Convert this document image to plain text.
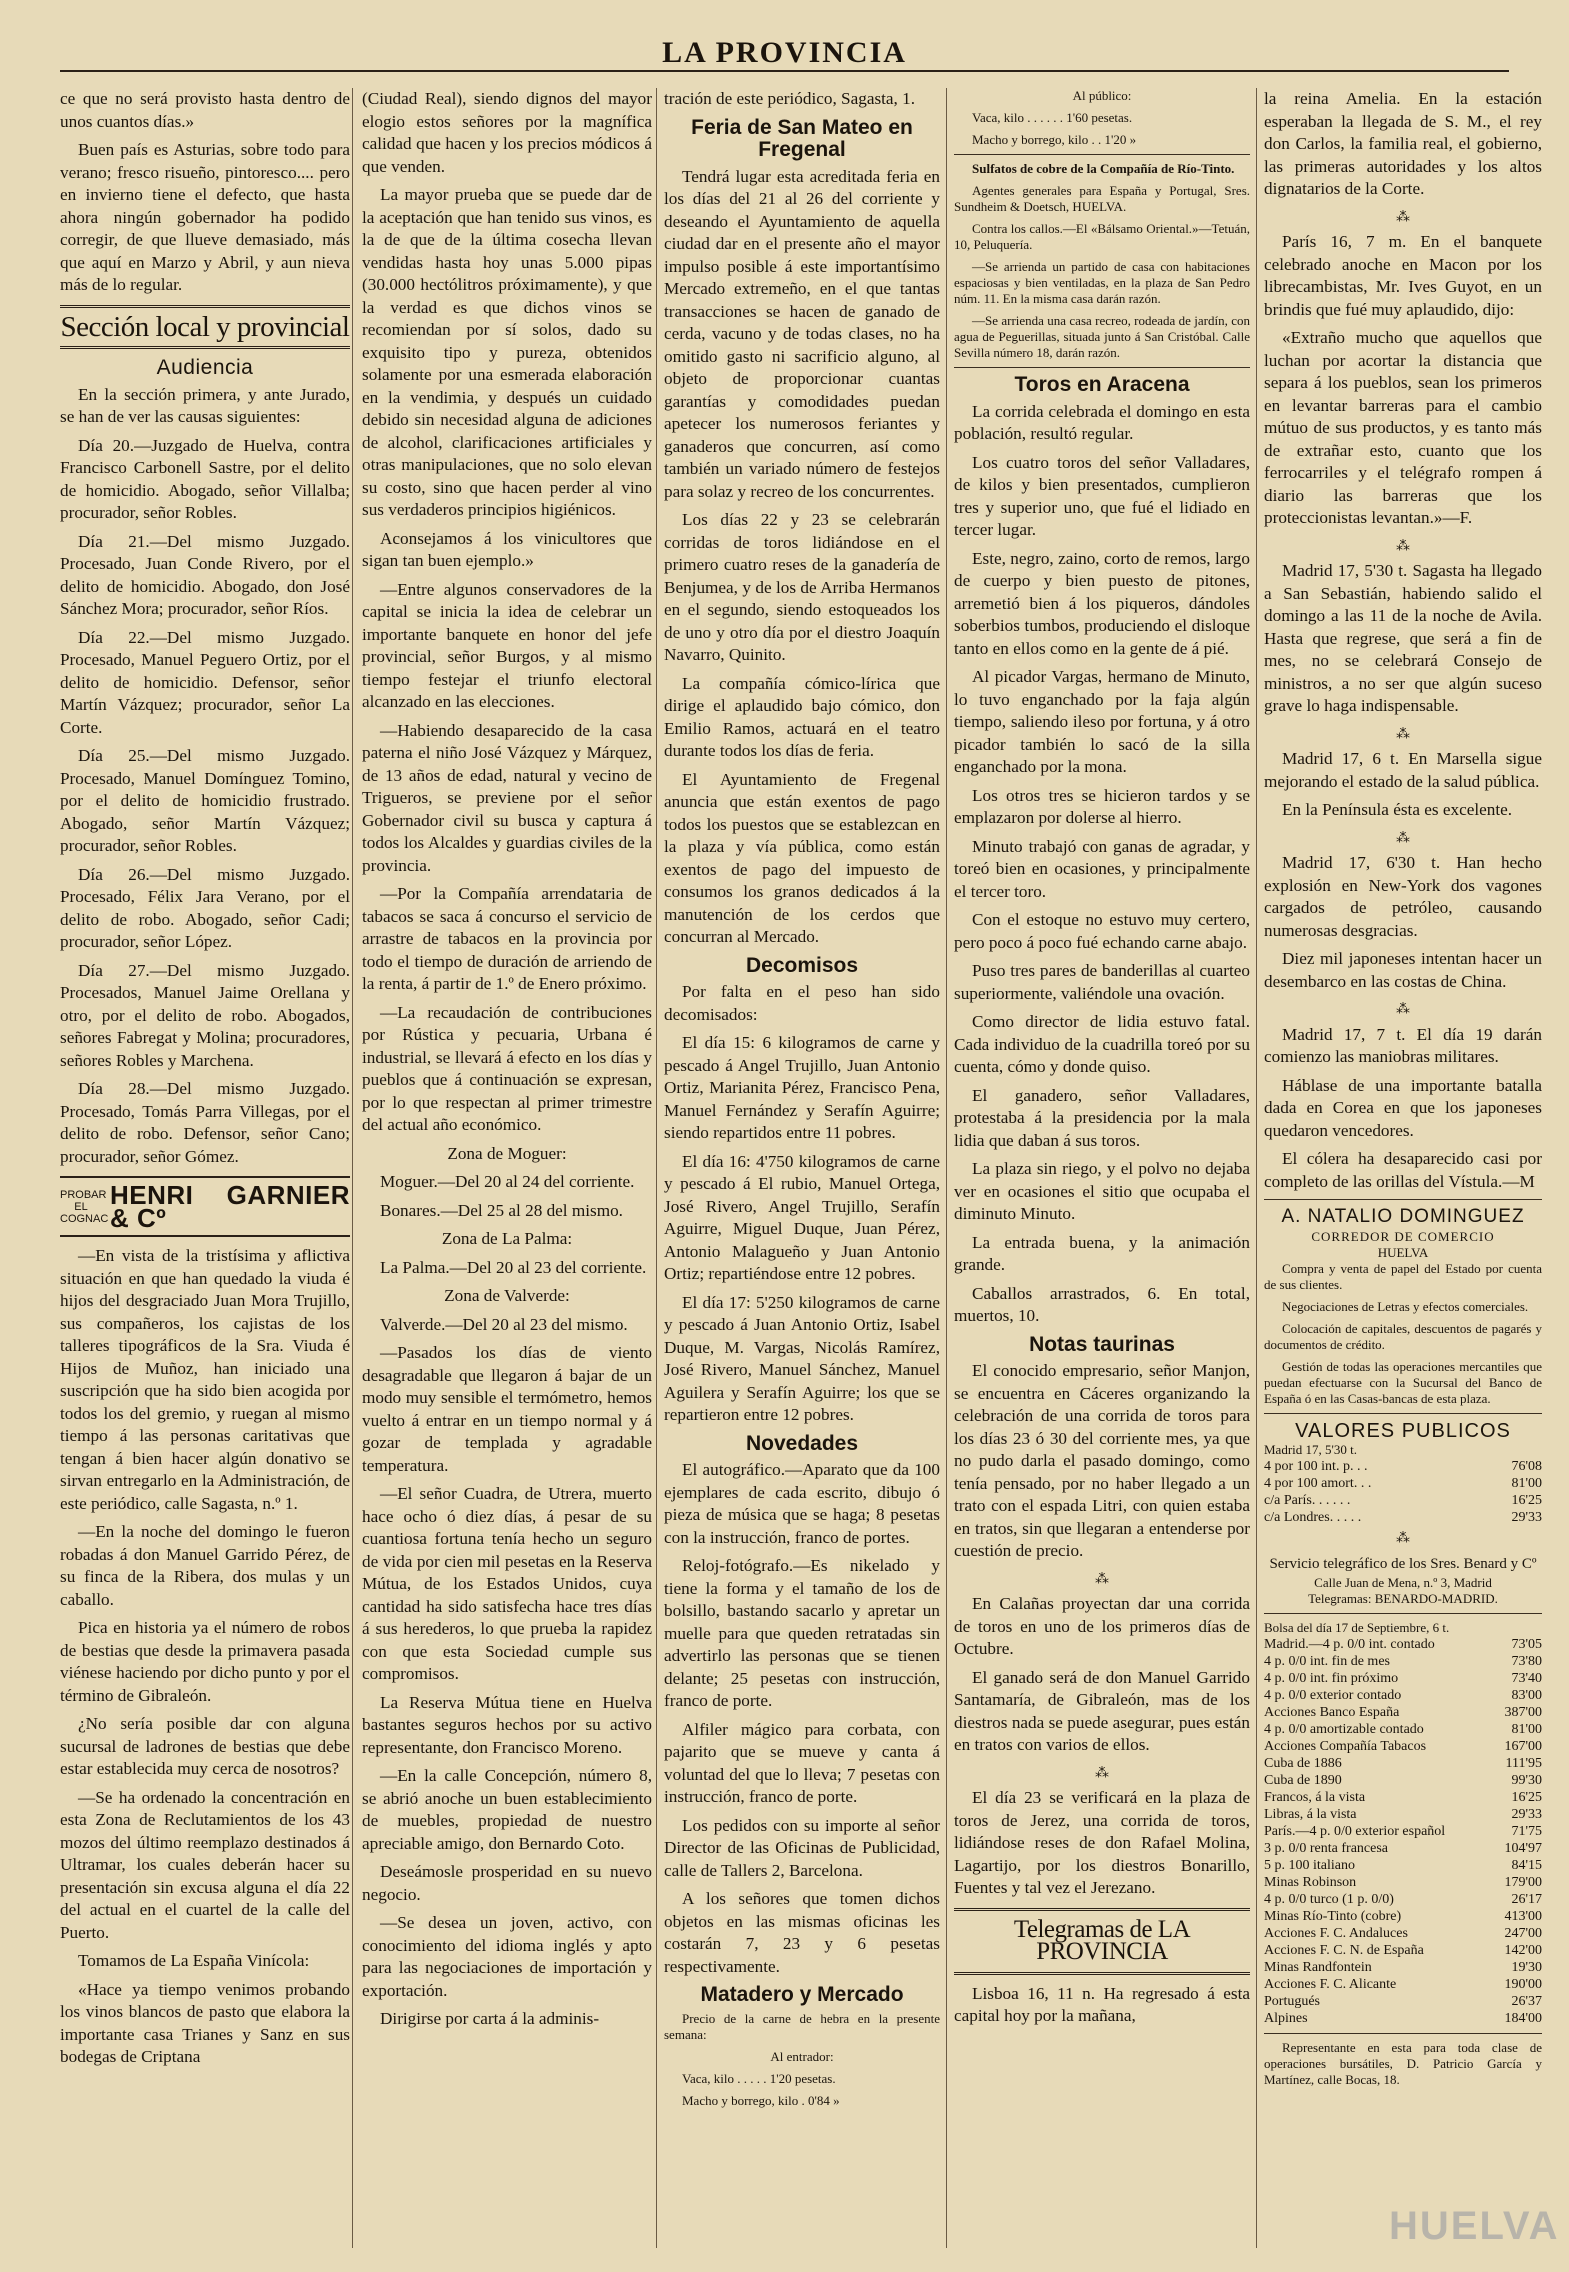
LA PROVINCIA

ce que no será provisto hasta dentro de unos cuantos días.»

Buen país es Asturias, sobre todo para verano; fresco risueño, pintoresco.... pero en invierno tiene el defecto, que hasta ahora ningún gobernador ha podido corregir, de que llueve demasiado, más que aquí en Marzo y Abril, y aun nieva más de lo regular.

Sección local y provincial
Audiencia

En la sección primera, y ante Jurado, se han de ver las causas siguientes:

Día 20.—Juzgado de Huelva, contra Francisco Carbonell Sastre, por el delito de homicidio. Abogado, señor Villalba; procurador, señor Robles.

Día 21.—Del mismo Juzgado. Procesado, Juan Conde Rivero, por el delito de homicidio. Abogado, don José Sánchez Mora; procurador, señor Ríos.

Día 22.—Del mismo Juzgado. Procesado, Manuel Peguero Ortiz, por el delito de homicidio. Defensor, señor Martín Vázquez; procurador, señor La Corte.

Día 25.—Del mismo Juzgado. Procesado, Manuel Domínguez Tomino, por el delito de homicidio frustrado. Abogado, señor Martín Vázquez; procurador, señor Robles.

Día 26.—Del mismo Juzgado. Procesado, Félix Jara Verano, por el delito de robo. Abogado, señor Cadi; procurador, señor López.

Día 27.—Del mismo Juzgado. Procesados, Manuel Jaime Orellana y otro, por el delito de robo. Abogados, señores Fabregat y Molina; procuradores, señores Robles y Marchena.

Día 28.—Del mismo Juzgado. Procesado, Tomás Parra Villegas, por el delito de robo. Defensor, señor Cano; procurador, señor Gómez.

PROBAR EL COGNAC
HENRI GARNIER & Cº

—En vista de la tristísima y aflictiva situación en que han quedado la viuda é hijos del desgraciado Juan Mora Trujillo, sus compañeros, los cajistas de los talleres tipográficos de la Sra. Viuda é Hijos de Muñoz, han iniciado una suscripción que ha sido bien acogida por todos los del gremio, y ruegan al mismo tiempo á las personas caritativas que tengan á bien hacer algún donativo se sirvan entregarlo en la Administración, de este periódico, calle Sagasta, n.º 1.

—En la noche del domingo le fueron robadas á don Manuel Garrido Pérez, de su finca de la Ribera, dos mulas y un caballo.

Pica en historia ya el número de robos de bestias que desde la primavera pasada viénese haciendo por dicho punto y por el término de Gibraleón.

¿No sería posible dar con alguna sucursal de ladrones de bestias que debe estar establecida muy cerca de nosotros?

—Se ha ordenado la concentración en esta Zona de Reclutamientos de los 43 mozos del último reemplazo destinados á Ultramar, los cuales deberán hacer su presentación sin excusa alguna el día 22 del actual en el cuartel de la calle del Puerto.

Tomamos de La España Vinícola:

«Hace ya tiempo venimos probando los vinos blancos de pasto que elabora la importante casa Trianes y Sanz en sus bodegas de Criptana

(Ciudad Real), siendo dignos del mayor elogio estos señores por la magnífica calidad que hacen y los precios módicos á que venden.

La mayor prueba que se puede dar de la aceptación que han tenido sus vinos, es la de que de la última cosecha llevan vendidas hasta hoy unas 5.000 pipas (30.000 hectólitros próximamente), y que la verdad es que dichos vinos se recomiendan por sí solos, dado su exquisito tipo y pureza, obtenidos solamente por una esmerada elaboración en la vendimia, y después un cuidado debido sin necesidad alguna de adiciones de alcohol, clarificaciones artificiales y otras manipulaciones, que no solo elevan su costo, sino que hacen perder al vino sus verdaderos principios higiénicos.

Aconsejamos á los vinicultores que sigan tan buen ejemplo.»

—Entre algunos conservadores de la capital se inicia la idea de celebrar un importante banquete en honor del jefe provincial, señor Burgos, y al mismo tiempo festejar el triunfo electoral alcanzado en las elecciones.

—Habiendo desaparecido de la casa paterna el niño José Vázquez y Márquez, de 13 años de edad, natural y vecino de Trigueros, se previene por el señor Gobernador civil su busca y captura á todos los Alcaldes y guardias civiles de la provincia.

—Por la Compañía arrendataria de tabacos se saca á concurso el servicio de arrastre de tabacos en la provincia por todo el tiempo de duración de arriendo de la renta, á partir de 1.º de Enero próximo.

—La recaudación de contribuciones por Rústica y pecuaria, Urbana é industrial, se llevará á efecto en los días y pueblos que á continuación se expresan, por lo que respectan al primer trimestre del actual año económico.

Zona de Moguer:

Moguer.—Del 20 al 24 del corriente.

Bonares.—Del 25 al 28 del mismo.

Zona de La Palma:

La Palma.—Del 20 al 23 del corriente.

Zona de Valverde:

Valverde.—Del 20 al 23 del mismo.

—Pasados los días de viento desagradable que llegaron á bajar de un modo muy sensible el termómetro, hemos vuelto á entrar en un tiempo normal y á gozar de templada y agradable temperatura.

—El señor Cuadra, de Utrera, muerto hace ocho ó diez días, á pesar de su cuantiosa fortuna tenía hecho un seguro de vida por cien mil pesetas en la Reserva Mútua, de los Estados Unidos, cuya cantidad ha sido satisfecha hace tres días á sus herederos, lo que prueba la rapidez con que esta Sociedad cumple sus compromisos.

La Reserva Mútua tiene en Huelva bastantes seguros hechos por su activo representante, don Francisco Moreno.

—En la calle Concepción, número 8, se abrió anoche un buen establecimiento de muebles, propiedad de nuestro apreciable amigo, don Bernardo Coto.

Deseámosle prosperidad en su nuevo negocio.

—Se desea un joven, activo, con conocimiento del idioma inglés y apto para las negociaciones de importación y exportación.

Dirigirse por carta á la adminis-

tración de este periódico, Sagasta, 1.

Feria de San Mateo en Fregenal

Tendrá lugar esta acreditada feria en los días del 21 al 26 del corriente y deseando el Ayuntamiento de aquella ciudad dar en el presente año el mayor impulso posible á este importantísimo Mercado extremeño, en el que tantas transacciones se hacen de ganado de cerda, vacuno y de todas clases, no ha omitido gasto ni sacrificio alguno, al objeto de proporcionar cuantas garantías y comodidades puedan apetecer los numerosos feriantes y ganaderos que concurren, así como también un variado número de festejos para solaz y recreo de los concurrentes.

Los días 22 y 23 se celebrarán corridas de toros lidiándose en el primero cuatro reses de la ganadería de Benjumea, y de los de Arriba Hermanos en el segundo, siendo estoqueados los de uno y otro día por el diestro Joaquín Navarro, Quinito.

La compañía cómico-lírica que dirige el aplaudido bajo cómico, don Emilio Ramos, actuará en el teatro durante todos los días de feria.

El Ayuntamiento de Fregenal anuncia que están exentos de pago todos los puestos que se establezcan en la plaza y vía pública, como están exentos de pago del impuesto de consumos los granos dedicados á la manutención de los cerdos que concurran al Mercado.

Decomisos

Por falta en el peso han sido decomisados:

El día 15: 6 kilogramos de carne y pescado á Angel Trujillo, Juan Antonio Ortiz, Marianita Pérez, Francisco Pena, Manuel Fernández y Serafín Aguirre; siendo repartidos entre 11 pobres.

El día 16: 4'750 kilogramos de carne y pescado á El rubio, Manuel Ortega, José Rivero, Angel Trujillo, Serafín Aguirre, Miguel Duque, Juan Pérez, Antonio Malagueño y Juan Antonio Ortiz; repartiéndose entre 12 pobres.

El día 17: 5'250 kilogramos de carne y pescado á Juan Antonio Ortiz, Isabel Duque, M. Vargas, Nicolás Ramírez, José Rivero, Manuel Sánchez, Manuel Aguilera y Serafín Aguirre; los que se repartieron entre 12 pobres.

Novedades

El autográfico.—Aparato que da 100 ejemplares de cada escrito, dibujo ó pieza de música que se haga; 8 pesetas con la instrucción, franco de portes.

Reloj-fotógrafo.—Es nikelado y tiene la forma y el tamaño de los de bolsillo, bastando sacarlo y apretar un muelle para que queden retratadas sin advertirlo las personas que se tienen delante; 25 pesetas con instrucción, franco de porte.

Alfiler mágico para corbata, con pajarito que se mueve y canta á voluntad del que lo lleva; 7 pesetas con instrucción, franco de porte.

Los pedidos con su importe al señor Director de las Oficinas de Publicidad, calle de Tallers 2, Barcelona.

A los señores que tomen dichos objetos en las mismas oficinas les costarán 7, 23 y 6 pesetas respectivamente.

Matadero y Mercado

Precio de la carne de hebra en la presente semana:

Al entrador:

Vaca, kilo . . . . . 1'20 pesetas.

Macho y borrego, kilo . 0'84 »

Al público:

Vaca, kilo . . . . . . 1'60 pesetas.

Macho y borrego, kilo . . 1'20 »

Sulfatos de cobre de la Compañía de Río-Tinto.

Agentes generales para España y Portugal, Sres. Sundheim & Doetsch, HUELVA.

Contra los callos.—El «Bálsamo Oriental.»—Tetuán, 10, Peluquería.

—Se arrienda un partido de casa con habitaciones espaciosas y bien ventiladas, en la plaza de San Pedro núm. 11. En la misma casa darán razón.

—Se arrienda una casa recreo, rodeada de jardín, con agua de Peguerillas, situada junto á San Cristóbal. Calle Sevilla número 18, darán razón.

Toros en Aracena

La corrida celebrada el domingo en esta población, resultó regular.

Los cuatro toros del señor Valladares, de kilos y bien presentados, cumplieron tres y superior uno, que fué el lidiado en tercer lugar.

Este, negro, zaino, corto de remos, largo de cuerpo y bien puesto de pitones, arremetió bien á los piqueros, dándoles soberbios tumbos, produciendo el disloque tanto en ellos como en la gente de á pié.

Al picador Vargas, hermano de Minuto, lo tuvo enganchado por la faja algún tiempo, saliendo ileso por fortuna, y á otro picador también lo sacó de la silla enganchado por la mona.

Los otros tres se hicieron tardos y se emplazaron por dolerse al hierro.

Minuto trabajó con ganas de agradar, y toreó bien en ocasiones, y principalmente el tercer toro.

Con el estoque no estuvo muy certero, pero poco á poco fué echando carne abajo.

Puso tres pares de banderillas al cuarteo superiormente, valiéndole una ovación.

Como director de lidia estuvo fatal. Cada individuo de la cuadrilla toreó por su cuenta, cómo y donde quiso.

El ganadero, señor Valladares, protestaba á la presidencia por la mala lidia que daban á sus toros.

La plaza sin riego, y el polvo no dejaba ver en ocasiones el sitio que ocupaba el diminuto Minuto.

La entrada buena, y la animación grande.

Caballos arrastrados, 6. En total, muertos, 10.

Notas taurinas

El conocido empresario, señor Manjon, se encuentra en Cáceres organizando la celebración de una corrida de toros para los días 23 ó 30 del corriente mes, ya que no pudo darla el pasado domingo, como tenía pensado, por no haber llegado a un trato con el espada Litri, con quien estaba en tratos, sin que llegaran a entenderse por cuestión de precio.

⁂

En Calañas proyectan dar una corrida de toros en uno de los primeros días de Octubre.

El ganado será de don Manuel Garrido Santamaría, de Gibraleón, mas de los diestros nada se puede asegurar, pues están en tratos con varios de ellos.

⁂

El día 23 se verificará en la plaza de toros de Jerez, una corrida de toros, lidiándose reses de don Rafael Molina, Lagartijo, por los diestros Bonarillo, Fuentes y tal vez el Jerezano.

Telegramas de LA PROVINCIA

Lisboa 16, 11 n. Ha regresado á esta capital hoy por la mañana,

la reina Amelia. En la estación esperaban la llegada de S. M., el rey don Carlos, la familia real, el gobierno, las primeras autoridades y los altos dignatarios de la Corte.

⁂

París 16, 7 m. En el banquete celebrado anoche en Macon por los librecambistas, Mr. Ives Guyot, en un brindis que fué muy aplaudido, dijo:

«Extraño mucho que aquellos que luchan por acortar la distancia que separa á los pueblos, sean los primeros en levantar barreras para el cambio mútuo de sus productos, y es tanto más de extrañar esto, cuanto que los ferrocarriles y el telégrafo rompen á diario las barreras que los proteccionistas levantan.»—F.

⁂

Madrid 17, 5'30 t. Sagasta ha llegado a San Sebastián, habiendo salido el domingo a las 11 de la noche de Avila. Hasta que regrese, que será a fin de mes, no se celebrará Consejo de ministros, a no ser que algún suceso grave lo haga indispensable.

⁂

Madrid 17, 6 t. En Marsella sigue mejorando el estado de la salud pública.

En la Península ésta es excelente.

⁂

Madrid 17, 6'30 t. Han hecho explosión en New-York dos vagones cargados de petróleo, causando numerosas desgracias.

Diez mil japoneses intentan hacer un desembarco en las costas de China.

⁂

Madrid 17, 7 t. El día 19 darán comienzo las maniobras militares.

Háblase de una importante batalla dada en Corea en que los japoneses quedaron vencedores.

El cólera ha desaparecido casi por completo de las orillas del Vístula.—M

A. NATALIO DOMINGUEZ
CORREDOR DE COMERCIO
HUELVA

Compra y venta de papel del Estado por cuenta de sus clientes.

Negociaciones de Letras y efectos comerciales.

Colocación de capitales, descuentos de pagarés y documentos de crédito.

Gestión de todas las operaciones mercantiles que puedan efectuarse con la Sucursal del Banco de España ó en las Casas-bancas de esta plaza.

VALORES PUBLICOS
Madrid 17, 5'30 t.
4 por 100 int. p. . .	76'08
4 por 100 amort. . .	81'00
c/a París. . . . . .	16'25
c/a Londres. . . . .	29'33
⁂
Servicio telegráfico de los Sres. Benard y Cº
Calle Juan de Mena, n.º 3, Madrid
Telegramas: BENARDO-MADRID.
Bolsa del día 17 de Septiembre, 6 t.
Madrid.—4 p. 0/0 int. contado	73'05
4 p. 0/0 int. fin de mes	73'80
4 p. 0/0 int. fin próximo	73'40
4 p. 0/0 exterior contado	83'00
Acciones Banco España	387'00
4 p. 0/0 amortizable contado	81'00
Acciones Compañía Tabacos	167'00
Cuba de 1886	111'95
Cuba de 1890	99'30
Francos, á la vista	16'25
Libras, á la vista	29'33
París.—4 p. 0/0 exterior español	71'75
3 p. 0/0 renta francesa	104'97
5 p. 100 italiano	84'15
Minas Robinson	179'00
4 p. 0/0 turco (1 p. 0/0)	26'17
Minas Río-Tinto (cobre)	413'00
Acciones F. C. Andaluces	247'00
Acciones F. C. N. de España	142'00
Minas Randfontein	19'30
Acciones F. C. Alicante	190'00
Portugués	26'37
Alpines	184'00

Representante en esta para toda clase de operaciones bursátiles, D. Patricio García y Martínez, calle Bocas, 18.

HUELVA
